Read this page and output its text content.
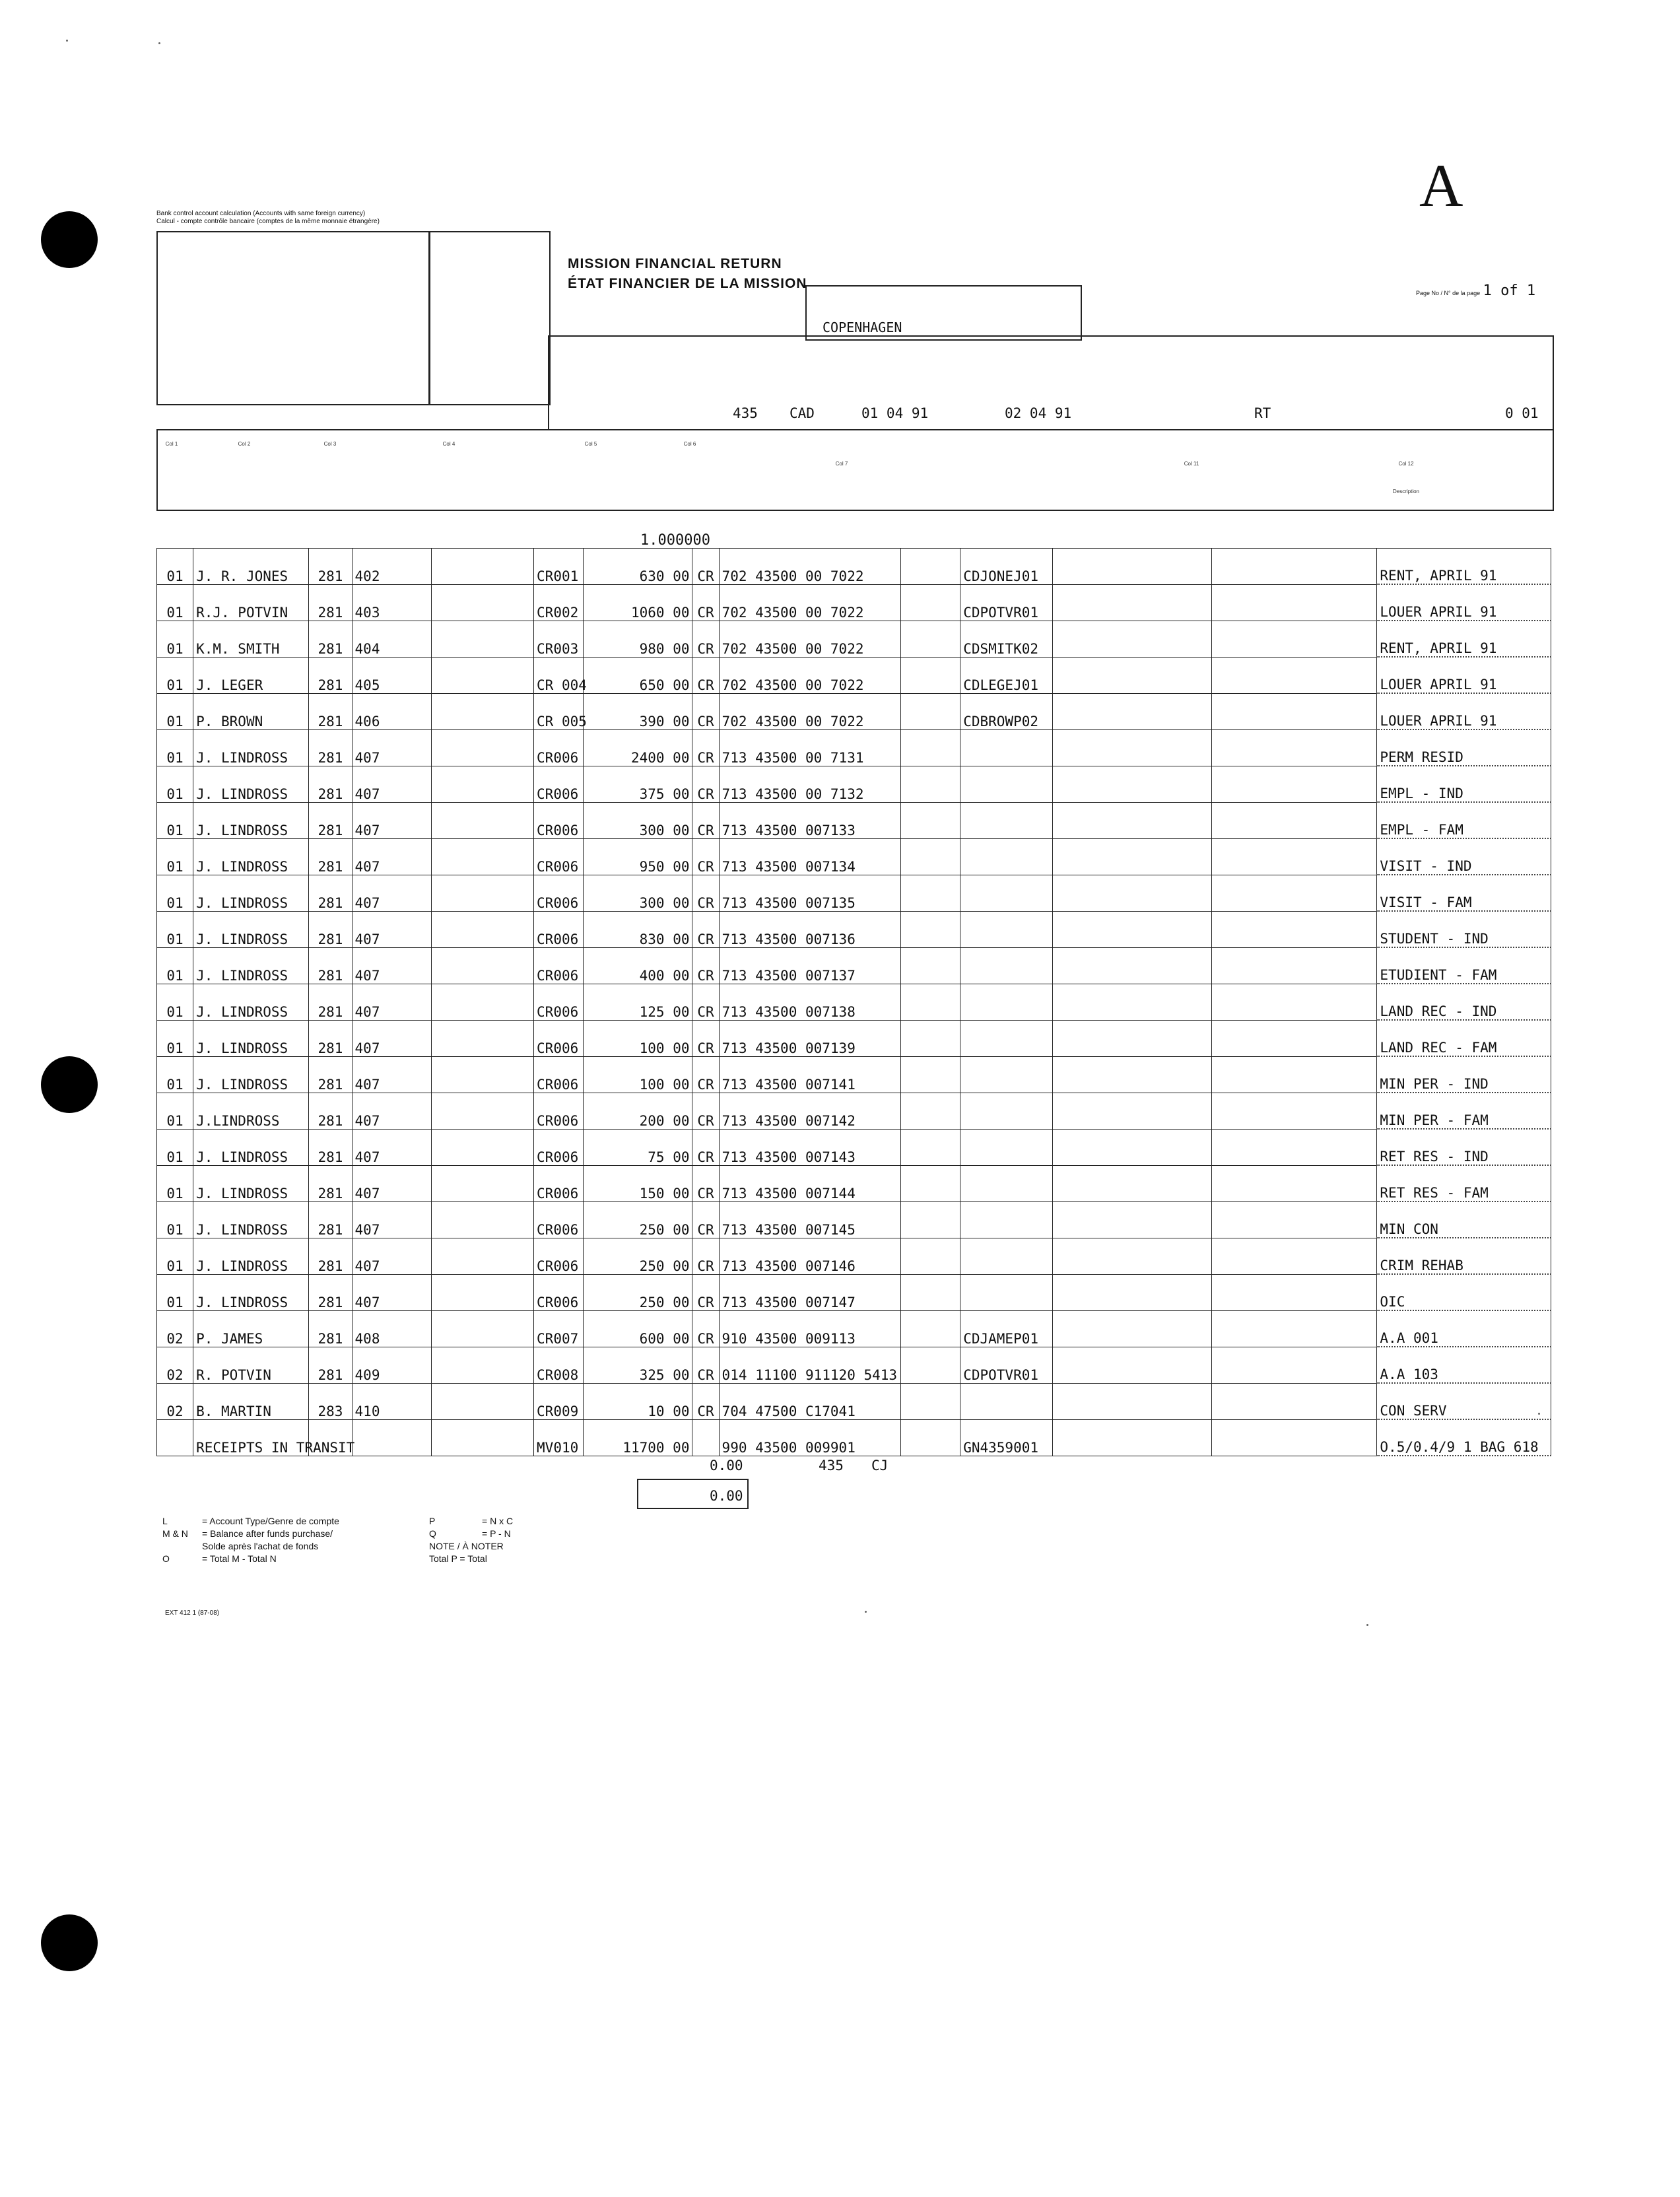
A
Bank control account calculation (Accounts with same foreign currency)
Calcul - compte contrôle bancaire (comptes de la même monnaie étrangère)
MISSION FINANCIAL RETURN
ÉTAT FINANCIER DE LA MISSION
Page No / N° de la page 1 of 1
COPENHAGEN
435 CAD	01 04 91	02 04 91	RT	0 01
Col 1	Col 2	Col 3	Col 4	Col 5	Col 6
Col 7	Col 11	Col 12
Description
1.000000
01	J. R. JONES	281	402		CR001	630 00	CR	702 43500 00 7022		CDJONEJ01			RENT, APRIL 91
01	R.J. POTVIN	281	403		CR002	1060 00	CR	702 43500 00 7022		CDPOTVR01			LOUER APRIL 91
01	K.M. SMITH	281	404		CR003	980 00	CR	702 43500 00 7022		CDSMITK02			RENT, APRIL 91
01	J. LEGER	281	405		CR 004	650 00	CR	702 43500 00 7022		CDLEGEJ01			LOUER APRIL 91
01	P. BROWN	281	406		CR 005	390 00	CR	702 43500 00 7022		CDBROWP02			LOUER APRIL 91
01	J. LINDROSS	281	407		CR006	2400 00	CR	713 43500 00 7131					PERM RESID
01	J. LINDROSS	281	407		CR006	375 00	CR	713 43500 00 7132					EMPL - IND
01	J. LINDROSS	281	407		CR006	300 00	CR	713 43500 007133					EMPL - FAM
01	J. LINDROSS	281	407		CR006	950 00	CR	713 43500 007134					VISIT - IND
01	J. LINDROSS	281	407		CR006	300 00	CR	713 43500 007135					VISIT - FAM
01	J. LINDROSS	281	407		CR006	830 00	CR	713 43500 007136					STUDENT - IND
01	J. LINDROSS	281	407		CR006	400 00	CR	713 43500 007137					ETUDIENT - FAM
01	J. LINDROSS	281	407		CR006	125 00	CR	713 43500 007138					LAND REC - IND
01	J. LINDROSS	281	407		CR006	100 00	CR	713 43500 007139					LAND REC - FAM
01	J. LINDROSS	281	407		CR006	100 00	CR	713 43500 007141					MIN PER - IND
01	J.LINDROSS	281	407		CR006	200 00	CR	713 43500 007142					MIN PER - FAM
01	J. LINDROSS	281	407		CR006	75 00	CR	713 43500 007143					RET RES - IND
01	J. LINDROSS	281	407		CR006	150 00	CR	713 43500 007144					RET RES - FAM
01	J. LINDROSS	281	407		CR006	250 00	CR	713 43500 007145					MIN CON
01	J. LINDROSS	281	407		CR006	250 00	CR	713 43500 007146					CRIM REHAB
01	J. LINDROSS	281	407		CR006	250 00	CR	713 43500 007147					OIC
02	P. JAMES	281	408		CR007	600 00	CR	910 43500 009113		CDJAMEP01			A.A 001
02	R. POTVIN	281	409		CR008	325 00	CR	014 11100 911120 5413		CDPOTVR01			A.A 103
02	B. MARTIN	283	410		CR009	10 00	CR	704 47500 C17041					CON SERV
	RECEIPTS IN TRANSIT				MV010	11700 00		990 43500 009901		GN4359001			O.5/0.4/9 1 BAG 618
0.00	435 CJ
0.00
L	= Account Type/Genre de compte
M & N = Balance after funds purchase/
Solde après l'achat de fonds
O	= Total M - Total N
P	= N x C
Q	= P - N
NOTE / À NOTER
Total P = Total
EXT 412 1 (87-08)
